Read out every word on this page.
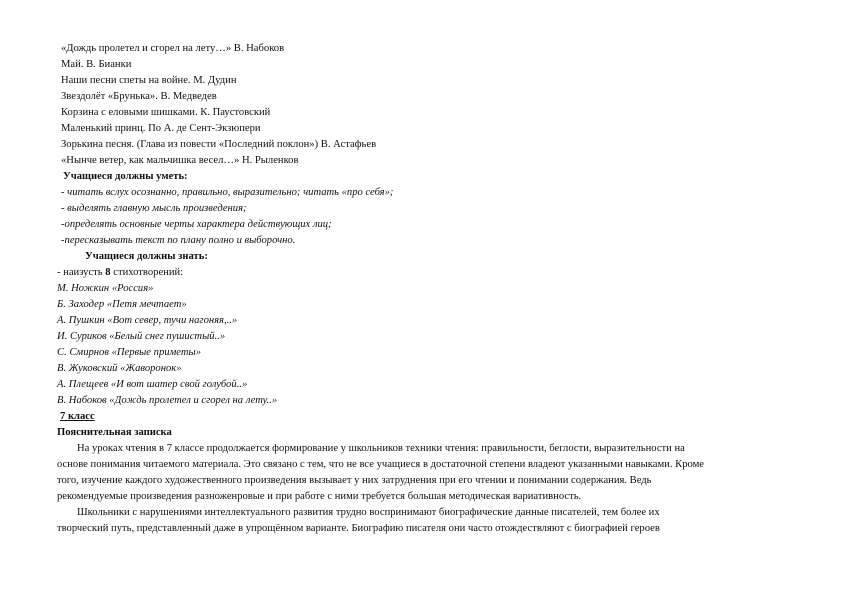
«Дождь пролетел и сгорел на лету…» В. Набоков
Май. В. Бианки
Наши песни спеты на войне. М. Дудин
Звездолёт «Брунька». В. Медведев
Корзина с еловыми шишками. К. Паустовский
Маленький принц. По А. де Сент-Экзюпери
Зорькина песня. (Глава из повести «Последний поклон») В. Астафьев
«Нынче ветер, как мальчишка весел…» Н. Рыленков
Учащиеся должны уметь:
- читать вслух осознанно, правильно, выразительно; читать «про себя»;
- выделять главную мысль произведения;
-определять основные черты характера действующих лиц;
-пересказывать текст по плану полно и выборочно.
Учащиеся должны знать:
- наизусть 8 стихотворений:
М. Ножкин «Россия»
Б. Заходер «Петя мечтает»
А. Пушкин «Вот север, тучи нагоняя,..»
И. Суриков «Белый снег пушистый..»
С. Смирнов «Первые приметы»
В. Жуковский «Жаворонок»
А. Плещеев «И вот шатер свой голубой..»
В. Набоков «Дождь пролетел и сгорел на лету..»
7 класс
Пояснительная записка
На уроках чтения в 7 классе продолжается формирование у школьников техники чтения: правильности, беглости, выразительности на
основе понимания читаемого материала. Это связано с тем, что не все учащиеся в достаточной степени владеют указанными навыками. Кроме
того, изучение каждого художественного произведения вызывает у них затруднения при его чтении и понимании содержания. Ведь
рекомендуемые произведения разноженровые и при работе с ними требуется большая методическая вариативность.
Школьники с нарушениями интеллектуального развития трудно воспринимают биографические данные писателей, тем более их
творческий путь, представленный даже в упрощённом варианте. Биографию писателя они часто отождествляют с биографией героев
